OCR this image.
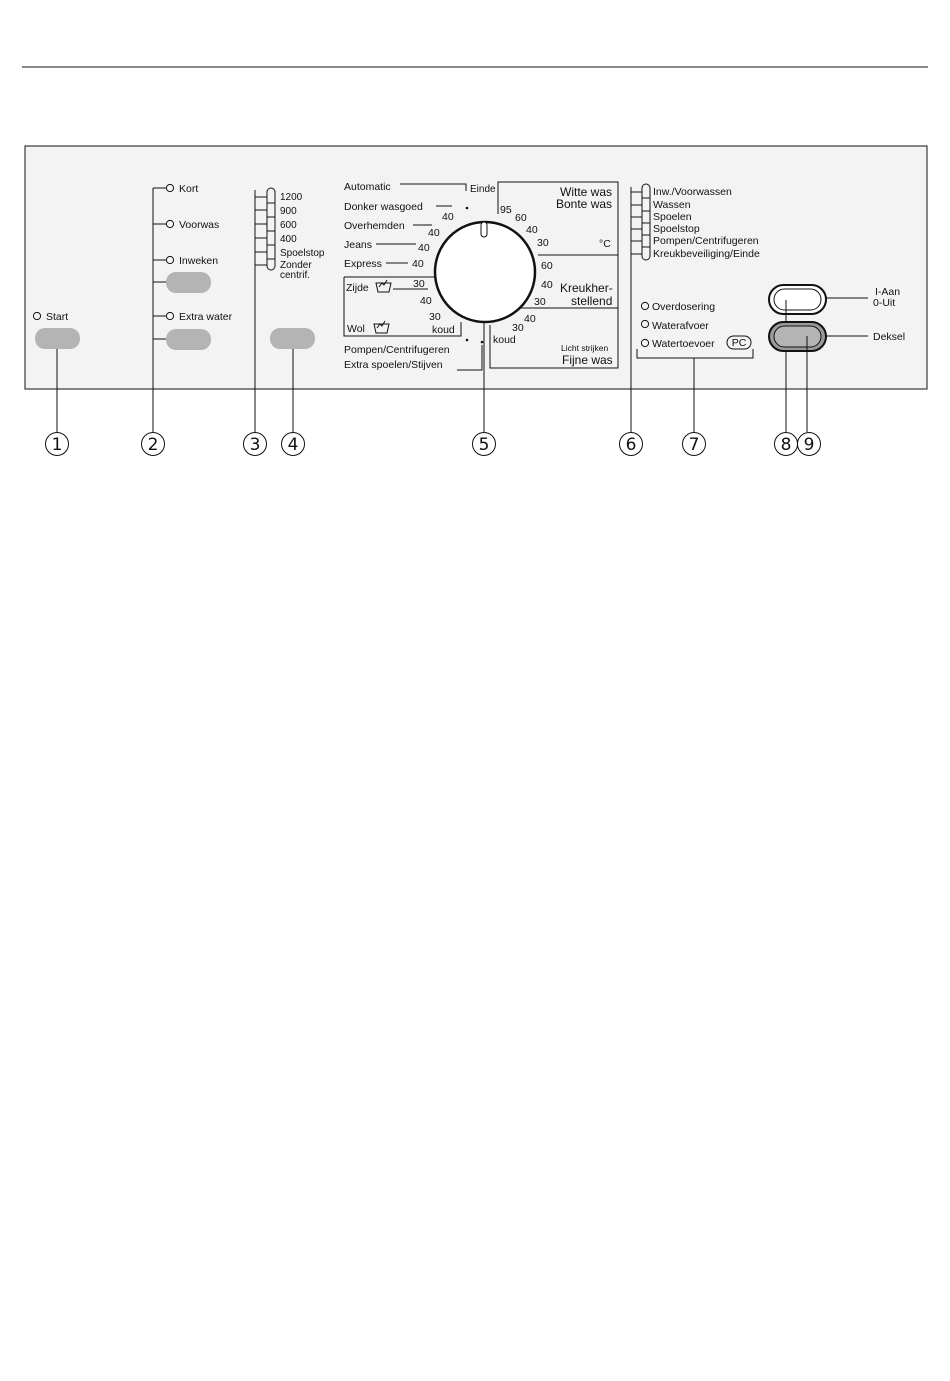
Start
Kort
Voorwas
Inweken
Extra water
1200
900
600
400
Spoelstop
Zonder
centrif.
Automatic	Einde
Donker wasgoed
40
Overhemden
40
Jeans	40
Express	40
Zijde	30
40
30
Wol	koud
Pompen/Centrifugeren
Extra spoelen/Stijven
95
Witte was
Bonte was
60
40
30	°C
60
40
30
Kreukher-
stellend
40
30
koud
Licht strijken
Fijne was
Inw./Voorwassen
Wassen
Spoelen
Spoelstop
Pompen/Centrifugeren
Kreukbeveiliging/Einde
Overdosering
Waterafvoer
Watertoevoer PC
I-Aan
0-Uit
Deksel
1	2	3 4	5	6	7	8 9
